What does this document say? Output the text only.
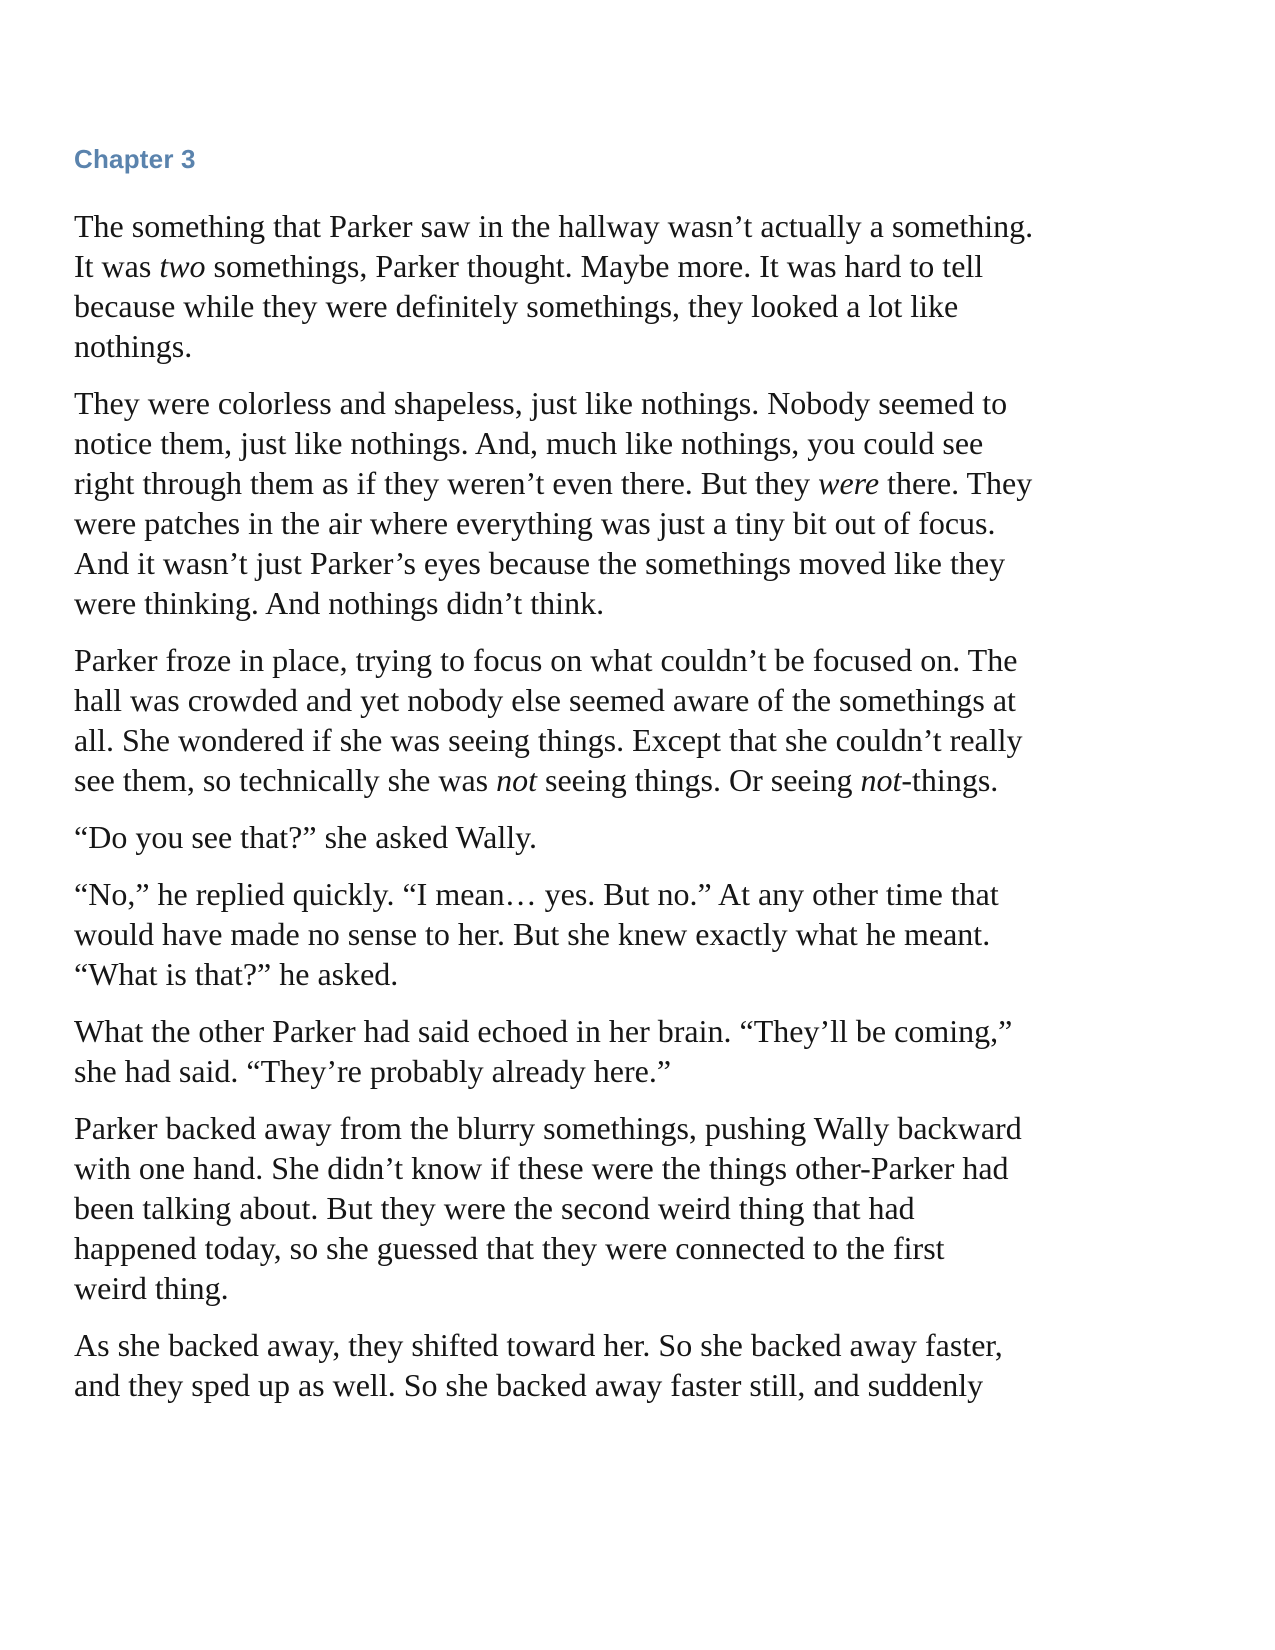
Chapter 3

The something that Parker saw in the hallway wasn’t actually a something.
It was two somethings, Parker thought. Maybe more. It was hard to tell
because while they were definitely somethings, they looked a lot like
nothings.

They were colorless and shapeless, just like nothings. Nobody seemed to
notice them, just like nothings. And, much like nothings, you could see
right through them as if they weren’t even there. But they were there. They
were patches in the air where everything was just a tiny bit out of focus.
And it wasn’t just Parker’s eyes because the somethings moved like they
were thinking. And nothings didn’t think.

Parker froze in place, trying to focus on what couldn’t be focused on. The
hall was crowded and yet nobody else seemed aware of the somethings at
all. She wondered if she was seeing things. Except that she couldn’t really
see them, so technically she was not seeing things. Or seeing not-things.

“Do you see that?” she asked Wally.

“No,” he replied quickly. “I mean… yes. But no.” At any other time that
would have made no sense to her. But she knew exactly what he meant.
“What is that?” he asked.

What the other Parker had said echoed in her brain. “They’ll be coming,”
she had said. “They’re probably already here.”

Parker backed away from the blurry somethings, pushing Wally backward
with one hand. She didn’t know if these were the things other-Parker had
been talking about. But they were the second weird thing that had
happened today, so she guessed that they were connected to the first
weird thing.

As she backed away, they shifted toward her. So she backed away faster,
and they sped up as well. So she backed away faster still, and suddenly
